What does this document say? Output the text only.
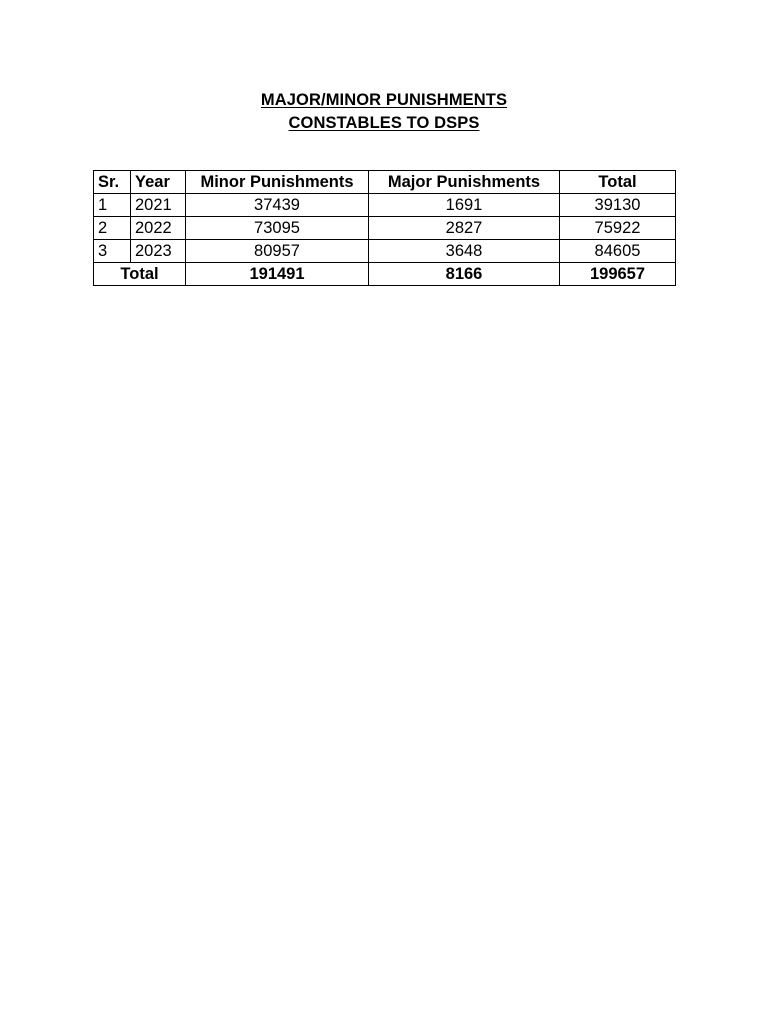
MAJOR/MINOR PUNISHMENTS
CONSTABLES TO DSPS
Sr.	Year	Minor Punishments	Major Punishments	Total
1	2021	37439	1691	39130
2	2022	73095	2827	75922
3	2023	80957	3648	84605
Total		191491	8166	199657
